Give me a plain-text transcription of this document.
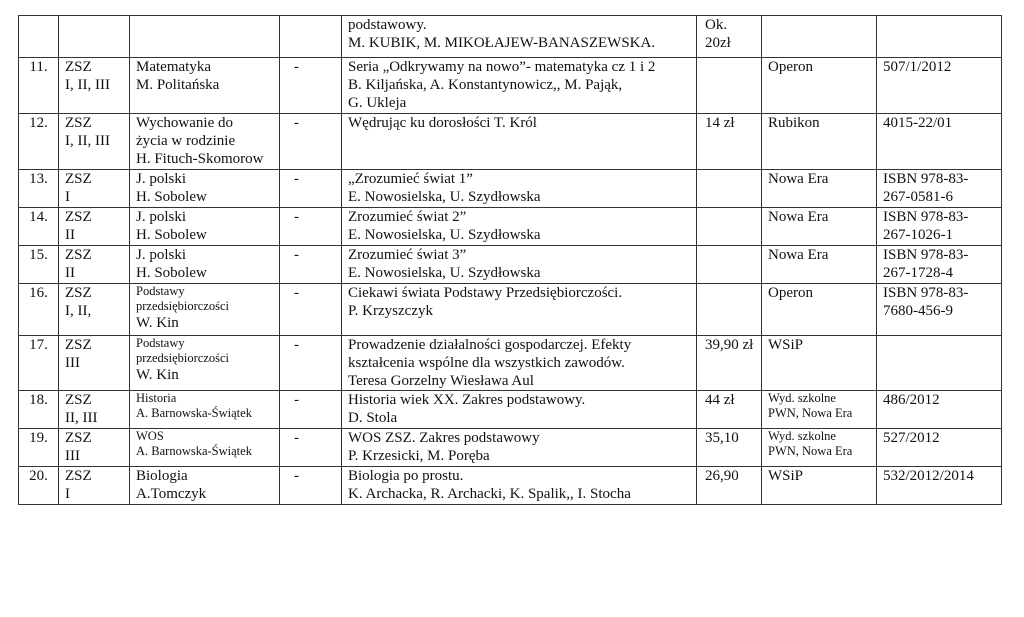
				podstawowy.
M. KUBIK, M. MIKOŁAJEW-BANASZEWSKA.	Ok.
20zł		

11.	ZSZ
I, II, III	Matematyka
M. Politańska	-	Seria „Odkrywamy na nowo”- matematyka cz 1 i 2
B. Kiljańska, A. Konstantynowicz,, M. Pająk,
G. Ukleja		Operon	507/1/2012

12.	ZSZ
I, II, III	Wychowanie do
życia w rodzinie
H. Fituch-Skomorow	-	Wędrując ku dorosłości T. Król	14 zł	Rubikon	4015-22/01

13.	ZSZ
I	J. polski
H. Sobolew	-	„Zrozumieć świat 1”
E. Nowosielska, U. Szydłowska		Nowa Era	ISBN 978-83-
267-0581-6

14.	ZSZ
II	J. polski
H. Sobolew	-	Zrozumieć świat 2”
E. Nowosielska, U. Szydłowska		Nowa Era	ISBN 978-83-
267-1026-1

15.	ZSZ
II	J. polski
H. Sobolew	-	Zrozumieć świat 3”
E. Nowosielska, U. Szydłowska		Nowa Era	ISBN 978-83-
267-1728-4

16.	ZSZ
I, II,	Podstawy
przedsiębiorczości
W. Kin	-	Ciekawi świata Podstawy Przedsiębiorczości.
P. Krzyszczyk		Operon	ISBN 978-83-
7680-456-9

17.	ZSZ
III	Podstawy
przedsiębiorczości
W. Kin	-	Prowadzenie działalności gospodarczej. Efekty
kształcenia wspólne dla wszystkich zawodów.
Teresa Gorzelny Wiesława Aul	39,90 zł	WSiP	

18.	ZSZ
II, III	Historia
A. Barnowska-Świątek	-	Historia wiek XX. Zakres podstawowy.
D. Stola	44 zł	Wyd. szkolne
PWN, Nowa Era	486/2012

19.	ZSZ
III	WOS
A. Barnowska-Świątek	-	WOS ZSZ. Zakres podstawowy
P. Krzesicki, M. Poręba	35,10	Wyd. szkolne
PWN, Nowa Era	527/2012

20.	ZSZ
I	Biologia
A.Tomczyk	-	Biologia po prostu.
K. Archacka, R. Archacki, K. Spalik,, I. Stocha	26,90	WSiP	532/2012/2014
